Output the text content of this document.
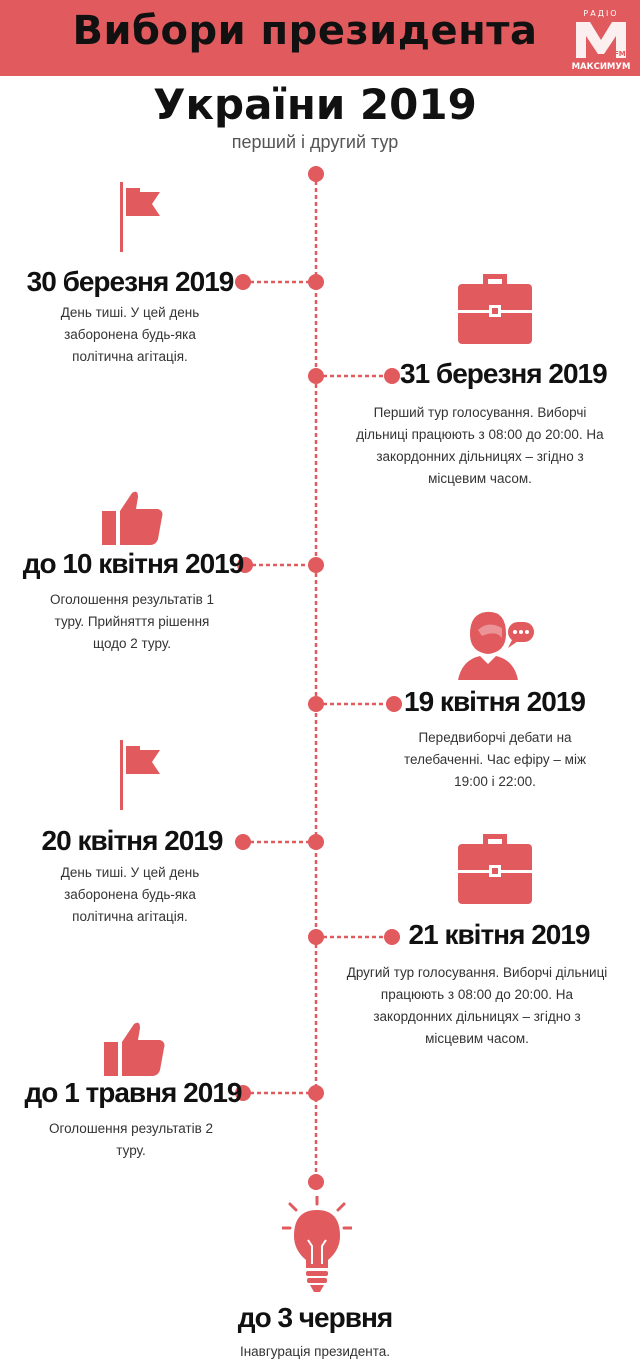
Вибори президента	РАДІО
FM
МАКСИМУМ
України 2019
перший і другий тур
30 березня 2019
День тиші. У цей день заборонена будь-яка політична агітація.
31 березня 2019
Перший тур голосування. Виборчі дільниці працюють з 08:00 до 20:00. На закордонних дільницях – згідно з місцевим часом.
до 10 квітня 2019
Оголошення результатів 1 туру. Прийняття рішення щодо 2 туру.
19 квітня 2019
Передвиборчі дебати на телебаченні. Час ефіру – між 19:00 і 22:00.
20 квітня 2019
День тиші. У цей день заборонена будь-яка політична агітація.
21 квітня 2019
Другий тур голосування. Виборчі дільниці працюють з 08:00 до 20:00. На закордонних дільницях – згідно з місцевим часом.
до 1 травня 2019
Оголошення результатів 2 туру.
до 3 червня
Інавгурація президента.
